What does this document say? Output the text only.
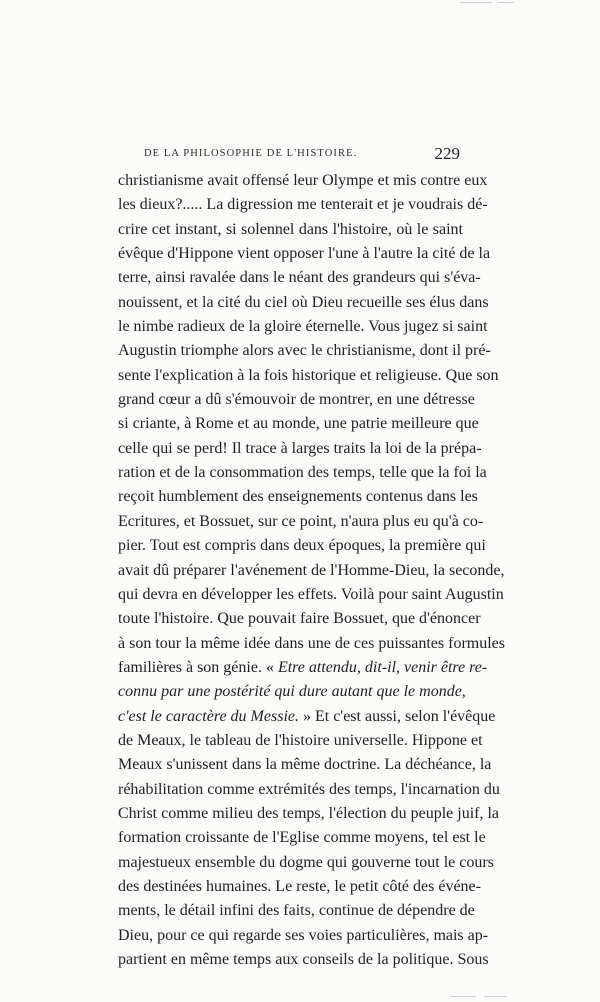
DE LA PHILOSOPHIE DE L'HISTOIRE.	229
christianisme avait offensé leur Olympe et mis contre eux
les dieux?..... La digression me tenterait et je voudrais dé-
crire cet instant, si solennel dans l'histoire, où le saint
évêque d'Hippone vient opposer l'une à l'autre la cité de la
terre, ainsi ravalée dans le néant des grandeurs qui s'éva-
nouissent, et la cité du ciel où Dieu recueille ses élus dans
le nimbe radieux de la gloire éternelle. Vous jugez si saint
Augustin triomphe alors avec le christianisme, dont il pré-
sente l'explication à la fois historique et religieuse. Que son
grand cœur a dû s'émouvoir de montrer, en une détresse
si criante, à Rome et au monde, une patrie meilleure que
celle qui se perd! Il trace à larges traits la loi de la prépa-
ration et de la consommation des temps, telle que la foi la
reçoit humblement des enseignements contenus dans les
Ecritures, et Bossuet, sur ce point, n'aura plus eu qu'à co-
pier. Tout est compris dans deux époques, la première qui
avait dû préparer l'avénement de l'Homme-Dieu, la seconde,
qui devra en développer les effets. Voilà pour saint Augustin
toute l'histoire. Que pouvait faire Bossuet, que d'énoncer
à son tour la même idée dans une de ces puissantes formules
familières à son génie. « Etre attendu, dit-il, venir être re-
connu par une postérité qui dure autant que le monde,
c'est le caractère du Messie. » Et c'est aussi, selon l'évêque
de Meaux, le tableau de l'histoire universelle. Hippone et
Meaux s'unissent dans la même doctrine. La déchéance, la
réhabilitation comme extrémités des temps, l'incarnation du
Christ comme milieu des temps, l'élection du peuple juif, la
formation croissante de l'Eglise comme moyens, tel est le
majestueux ensemble du dogme qui gouverne tout le cours
des destinées humaines. Le reste, le petit côté des événe-
ments, le détail infini des faits, continue de dépendre de
Dieu, pour ce qui regarde ses voies particulières, mais ap-
partient en même temps aux conseils de la politique. Sous
